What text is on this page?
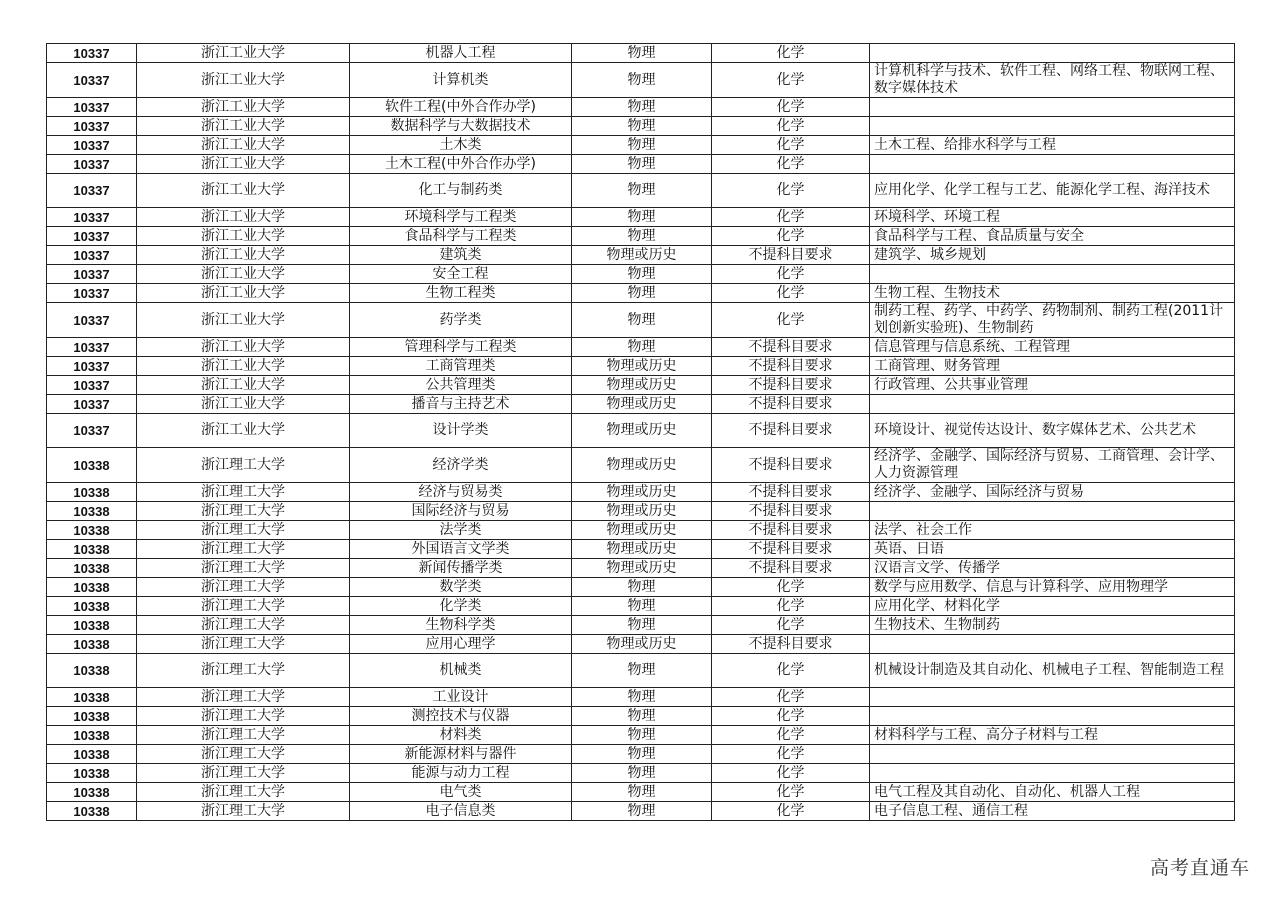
10337	浙江工业大学	机器人工程	物理	化学	
10337	浙江工业大学	计算机类	物理	化学	计算机科学与技术、软件工程、网络工程、物联网工程、数字媒体技术
10337	浙江工业大学	软件工程(中外合作办学)	物理	化学	
10337	浙江工业大学	数据科学与大数据技术	物理	化学	
10337	浙江工业大学	土木类	物理	化学	土木工程、给排水科学与工程
10337	浙江工业大学	土木工程(中外合作办学)	物理	化学	
10337	浙江工业大学	化工与制药类	物理	化学	应用化学、化学工程与工艺、能源化学工程、海洋技术
10337	浙江工业大学	环境科学与工程类	物理	化学	环境科学、环境工程
10337	浙江工业大学	食品科学与工程类	物理	化学	食品科学与工程、食品质量与安全
10337	浙江工业大学	建筑类	物理或历史	不提科目要求	建筑学、城乡规划
10337	浙江工业大学	安全工程	物理	化学	
10337	浙江工业大学	生物工程类	物理	化学	生物工程、生物技术
10337	浙江工业大学	药学类	物理	化学	制药工程、药学、中药学、药物制剂、制药工程(2011计划创新实验班)、生物制药
10337	浙江工业大学	管理科学与工程类	物理	不提科目要求	信息管理与信息系统、工程管理
10337	浙江工业大学	工商管理类	物理或历史	不提科目要求	工商管理、财务管理
10337	浙江工业大学	公共管理类	物理或历史	不提科目要求	行政管理、公共事业管理
10337	浙江工业大学	播音与主持艺术	物理或历史	不提科目要求	
10337	浙江工业大学	设计学类	物理或历史	不提科目要求	环境设计、视觉传达设计、数字媒体艺术、公共艺术
10338	浙江理工大学	经济学类	物理或历史	不提科目要求	经济学、金融学、国际经济与贸易、工商管理、会计学、人力资源管理
10338	浙江理工大学	经济与贸易类	物理或历史	不提科目要求	经济学、金融学、国际经济与贸易
10338	浙江理工大学	国际经济与贸易	物理或历史	不提科目要求	
10338	浙江理工大学	法学类	物理或历史	不提科目要求	法学、社会工作
10338	浙江理工大学	外国语言文学类	物理或历史	不提科目要求	英语、日语
10338	浙江理工大学	新闻传播学类	物理或历史	不提科目要求	汉语言文学、传播学
10338	浙江理工大学	数学类	物理	化学	数学与应用数学、信息与计算科学、应用物理学
10338	浙江理工大学	化学类	物理	化学	应用化学、材料化学
10338	浙江理工大学	生物科学类	物理	化学	生物技术、生物制药
10338	浙江理工大学	应用心理学	物理或历史	不提科目要求	
10338	浙江理工大学	机械类	物理	化学	机械设计制造及其自动化、机械电子工程、智能制造工程
10338	浙江理工大学	工业设计	物理	化学	
10338	浙江理工大学	测控技术与仪器	物理	化学	
10338	浙江理工大学	材料类	物理	化学	材料科学与工程、高分子材料与工程
10338	浙江理工大学	新能源材料与器件	物理	化学	
10338	浙江理工大学	能源与动力工程	物理	化学	
10338	浙江理工大学	电气类	物理	化学	电气工程及其自动化、自动化、机器人工程
10338	浙江理工大学	电子信息类	物理	化学	电子信息工程、通信工程
高考直通车
